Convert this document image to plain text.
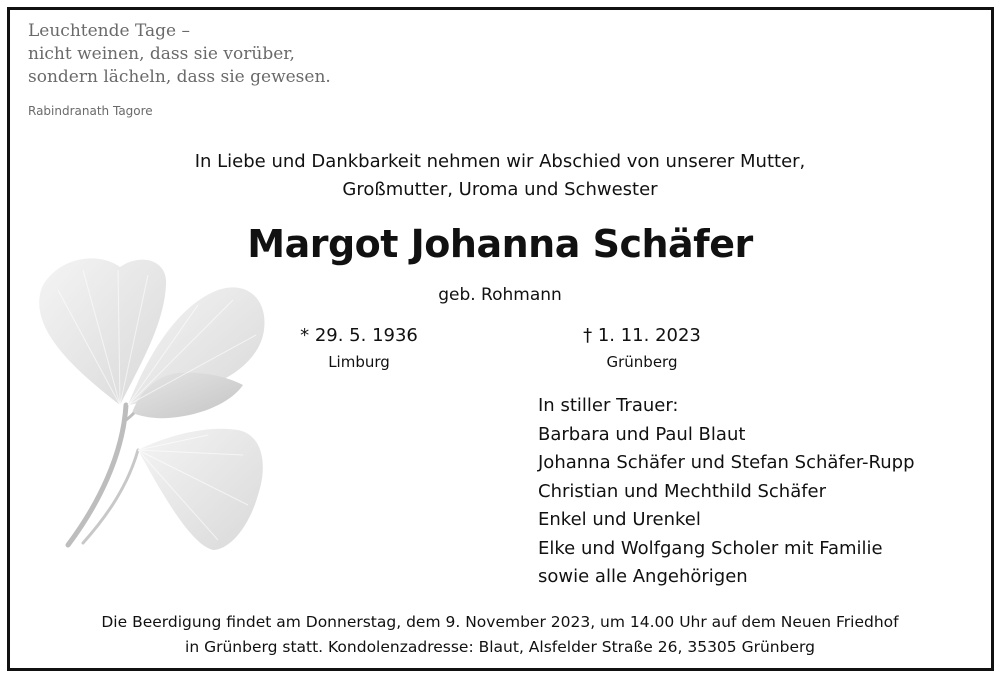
Leuchtende Tage –
nicht weinen, dass sie vorüber,
sondern lächeln, dass sie gewesen.
Rabindranath Tagore
In Liebe und Dankbarkeit nehmen wir Abschied von unserer Mutter,
Großmutter, Uroma und Schwester
Margot Johanna Schäfer
geb. Rohmann
* 29. 5. 1936
Limburg
† 1. 11. 2023
Grünberg
In stiller Trauer:
Barbara und Paul Blaut
Johanna Schäfer und Stefan Schäfer-Rupp
Christian und Mechthild Schäfer
Enkel und Urenkel
Elke und Wolfgang Scholer mit Familie
sowie alle Angehörigen
Die Beerdigung findet am Donnerstag, dem 9. November 2023, um 14.00 Uhr auf dem Neuen Friedhof
in Grünberg statt. Kondolenzadresse: Blaut, Alsfelder Straße 26, 35305 Grünberg
